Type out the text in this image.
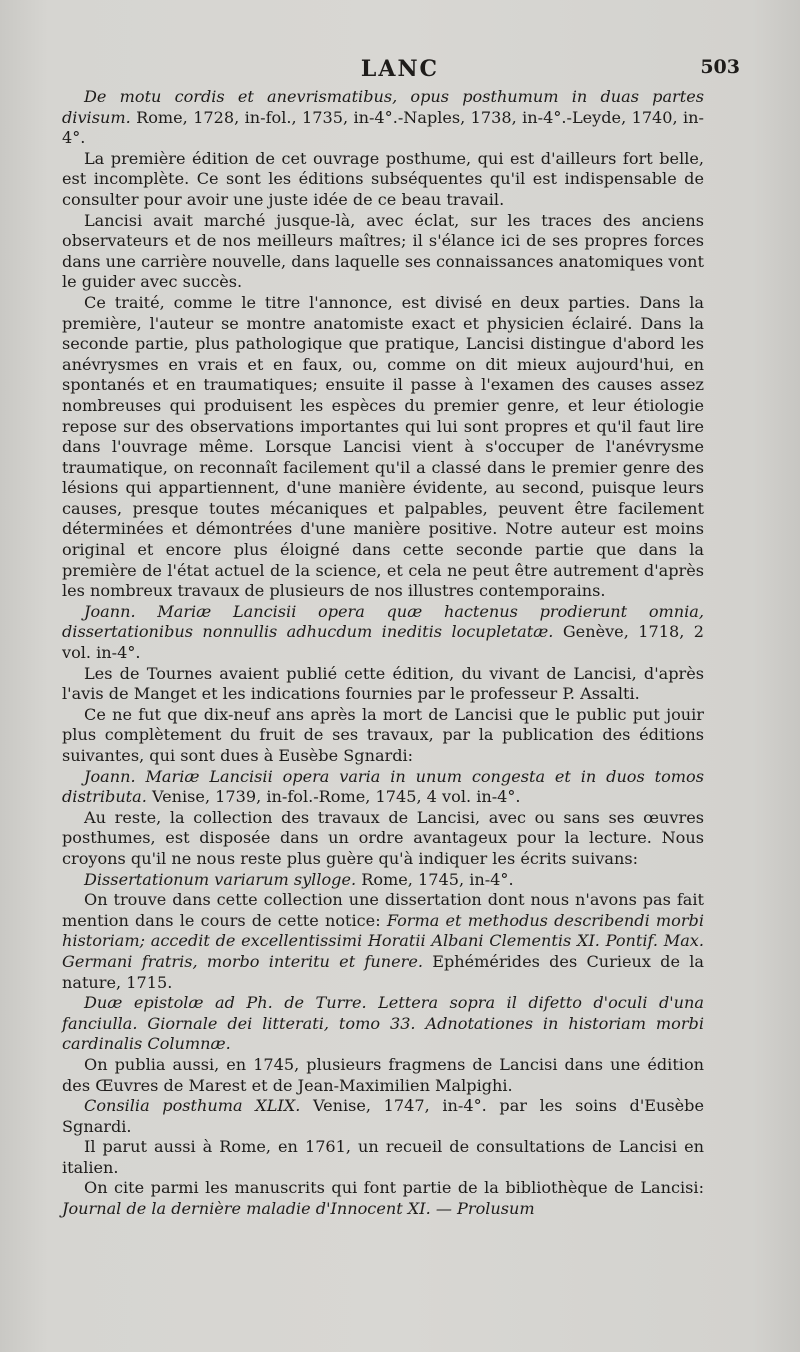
LANC	503

De motu cordis et anevrismatibus, opus posthumum in duas partes divisum. Rome, 1728, in-fol., 1735, in-4°.-Naples, 1738, in-4°.-Leyde, 1740, in-4°.

La première édition de cet ouvrage posthume, qui est d'ailleurs fort belle, est incomplète. Ce sont les éditions subséquentes qu'il est indispensable de consulter pour avoir une juste idée de ce beau travail.

Lancisi avait marché jusque-là, avec éclat, sur les traces des anciens observateurs et de nos meilleurs maîtres; il s'élance ici de ses propres forces dans une carrière nouvelle, dans laquelle ses connaissances anatomiques vont le guider avec succès.

Ce traité, comme le titre l'annonce, est divisé en deux parties. Dans la première, l'auteur se montre anatomiste exact et physicien éclairé. Dans la seconde partie, plus pathologique que pratique, Lancisi distingue d'abord les anévrysmes en vrais et en faux, ou, comme on dit mieux aujourd'hui, en spontanés et en traumatiques; ensuite il passe à l'examen des causes assez nombreuses qui produisent les espèces du premier genre, et leur étiologie repose sur des observations importantes qui lui sont propres et qu'il faut lire dans l'ouvrage même. Lorsque Lancisi vient à s'occuper de l'anévrysme traumatique, on reconnaît facilement qu'il a classé dans le premier genre des lésions qui appartiennent, d'une manière évidente, au second, puisque leurs causes, presque toutes mécaniques et palpables, peuvent être facilement déterminées et démontrées d'une manière positive. Notre auteur est moins original et encore plus éloigné dans cette seconde partie que dans la première de l'état actuel de la science, et cela ne peut être autrement d'après les nombreux travaux de plusieurs de nos illustres contemporains.

Joann. Mariæ Lancisii opera quæ hactenus prodierunt omnia, dissertationibus nonnullis adhucdum ineditis locupletatæ. Genève, 1718, 2 vol. in-4°.

Les de Tournes avaient publié cette édition, du vivant de Lancisi, d'après l'avis de Manget et les indications fournies par le professeur P. Assalti.

Ce ne fut que dix-neuf ans après la mort de Lancisi que le public put jouir plus complètement du fruit de ses travaux, par la publication des éditions suivantes, qui sont dues à Eusèbe Sgnardi:

Joann. Mariæ Lancisii opera varia in unum congesta et in duos tomos distributa. Venise, 1739, in-fol.-Rome, 1745, 4 vol. in-4°.

Au reste, la collection des travaux de Lancisi, avec ou sans ses œuvres posthumes, est disposée dans un ordre avantageux pour la lecture. Nous croyons qu'il ne nous reste plus guère qu'à indiquer les écrits suivans:

Dissertationum variarum sylloge. Rome, 1745, in-4°.

On trouve dans cette collection une dissertation dont nous n'avons pas fait mention dans le cours de cette notice: Forma et methodus describendi morbi historiam; accedit de excellentissimi Horatii Albani Clementis XI. Pontif. Max. Germani fratris, morbo interitu et funere. Ephémérides des Curieux de la nature, 1715.

Duæ epistolæ ad Ph. de Turre. Lettera sopra il difetto d'oculi d'una fanciulla. Giornale dei litterati, tomo 33. Adnotationes in historiam morbi cardinalis Columnæ.

On publia aussi, en 1745, plusieurs fragmens de Lancisi dans une édition des Œuvres de Marest et de Jean-Maximilien Malpighi.

Consilia posthuma XLIX. Venise, 1747, in-4°. par les soins d'Eusèbe Sgnardi.

Il parut aussi à Rome, en 1761, un recueil de consultations de Lancisi en italien.

On cite parmi les manuscrits qui font partie de la bibliothèque de Lancisi: Journal de la dernière maladie d'Innocent XI. — Prolusum
